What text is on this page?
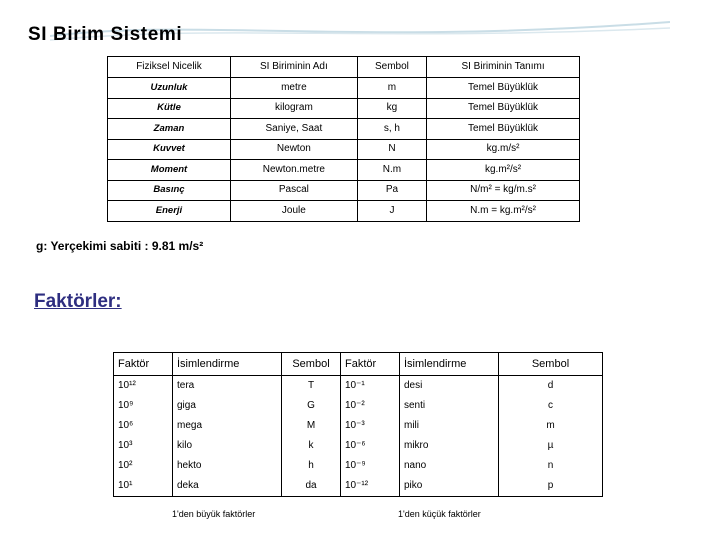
SI Birim Sistemi
Fiziksel Nicelik	SI Biriminin Adı	Sembol	SI Biriminin Tanımı
Uzunluk	metre	m	Temel Büyüklük
Kütle	kilogram	kg	Temel Büyüklük
Zaman	Saniye, Saat	s, h	Temel Büyüklük
Kuvvet	Newton	N	kg.m/s²
Moment	Newton.metre	N.m	kg.m²/s²
Basınç	Pascal	Pa	N/m² = kg/m.s²
Enerji	Joule	J	N.m = kg.m²/s²
g: Yerçekimi sabiti : 9.81 m/s²
Faktörler:
Faktör	İsimlendirme	Sembol	Faktör	İsimlendirme	Sembol
10¹²	tera	T	10⁻¹	desi	d
10⁹	giga	G	10⁻²	senti	c
10⁶	mega	M	10⁻³	mili	m
10³	kilo	k	10⁻⁶	mikro	µ
10²	hekto	h	10⁻⁹	nano	n
10¹	deka	da	10⁻¹²	piko	p
1'den büyük faktörler	1'den küçük faktörler
